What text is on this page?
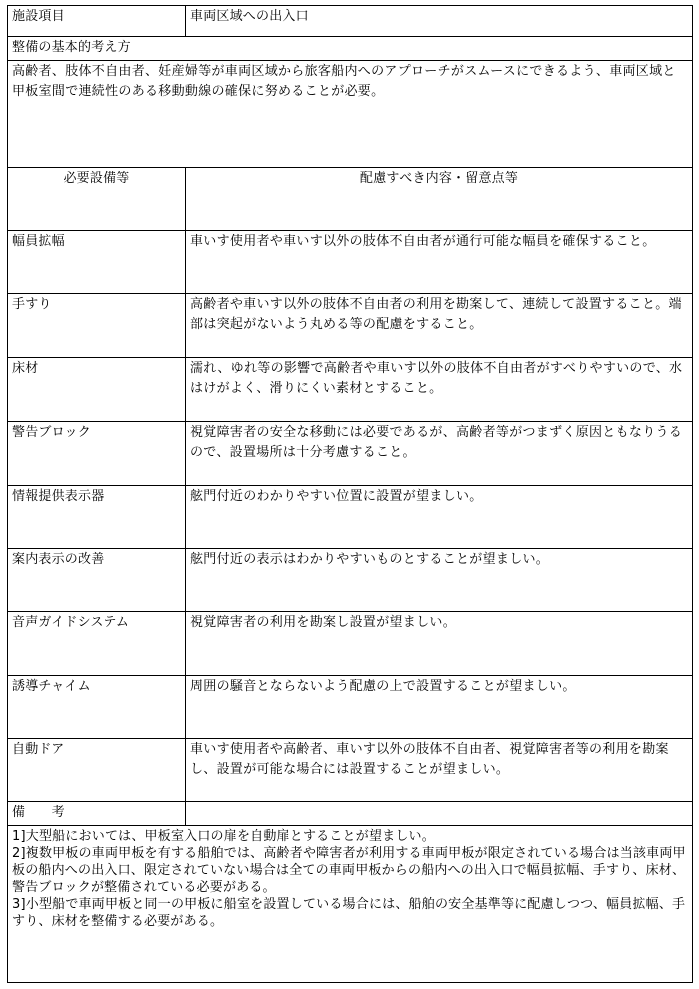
施設項目	車両区域への出入口
整備の基本的考え方
高齢者、肢体不自由者、妊産婦等が車両区域から旅客船内へのアプローチがスムースにできるよう、車両区域と甲板室間で連続性のある移動動線の確保に努めることが必要。
必要設備等	配慮すべき内容・留意点等
幅員拡幅	車いす使用者や車いす以外の肢体不自由者が通行可能な幅員を確保すること。
手すり	高齢者や車いす以外の肢体不自由者の利用を勘案して、連続して設置すること。端部は突起がないよう丸める等の配慮をすること。
床材	濡れ、ゆれ等の影響で高齢者や車いす以外の肢体不自由者がすべりやすいので、水はけがよく、滑りにくい素材とすること。
警告ブロック	視覚障害者の安全な移動には必要であるが、高齢者等がつまずく原因ともなりうるので、設置場所は十分考慮すること。
情報提供表示器	舷門付近のわかりやすい位置に設置が望ましい。
案内表示の改善	舷門付近の表示はわかりやすいものとすることが望ましい。
音声ガイドシステム	視覚障害者の利用を勘案し設置が望ましい。
誘導チャイム	周囲の騒音とならないよう配慮の上で設置することが望ましい。
自動ドア	車いす使用者や高齢者、車いす以外の肢体不自由者、視覚障害者等の利用を勘案し、設置が可能な場合には設置することが望ましい。
備　　考
1]大型船においては、甲板室入口の扉を自動扉とすることが望ましい。
2]複数甲板の車両甲板を有する船舶では、高齢者や障害者が利用する車両甲板が限定されている場合は当該車両甲板の船内への出入口、限定されていない場合は全ての車両甲板からの船内への出入口で幅員拡幅、手すり、床材、警告ブロックが整備されている必要がある。
3]小型船で車両甲板と同一の甲板に船室を設置している場合には、船舶の安全基準等に配慮しつつ、幅員拡幅、手すり、床材を整備する必要がある。
